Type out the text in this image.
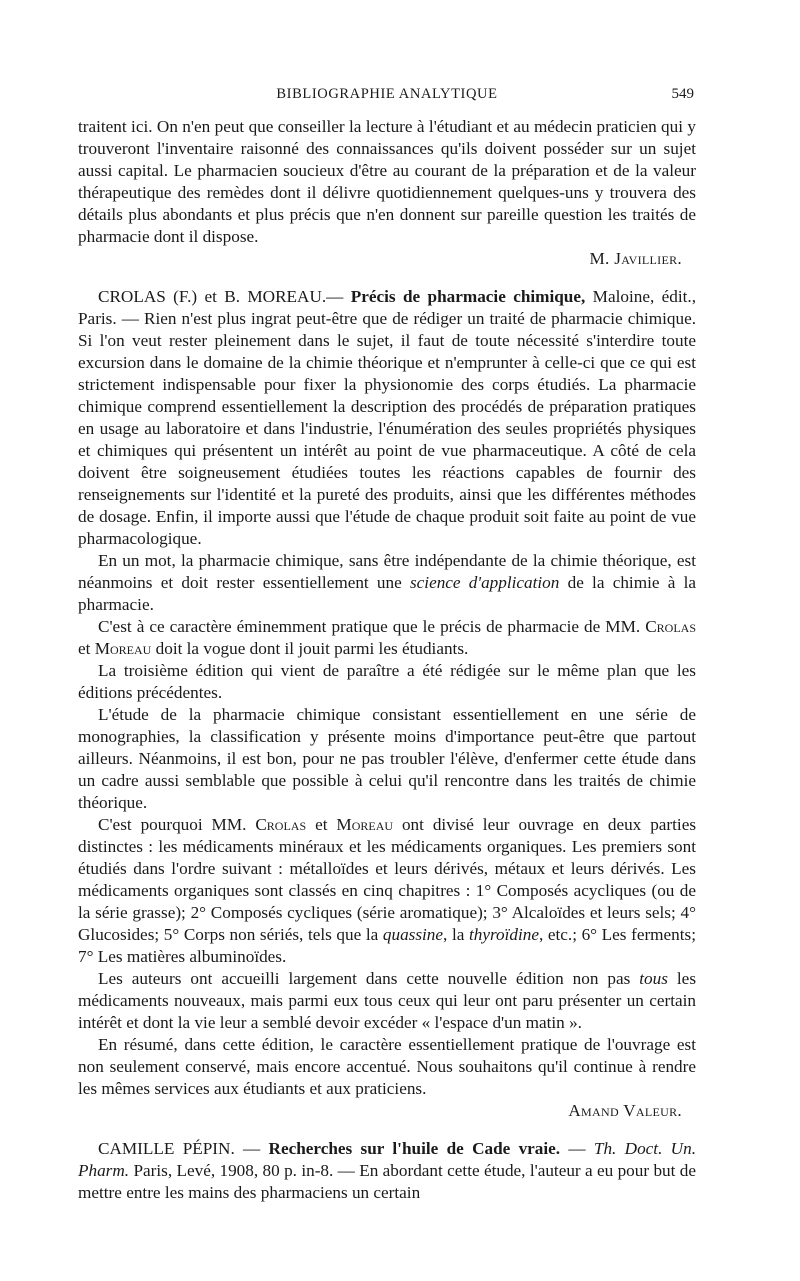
BIBLIOGRAPHIE ANALYTIQUE	549

traitent ici. On n'en peut que conseiller la lecture à l'étudiant et au médecin praticien qui y trouveront l'inventaire raisonné des connaissances qu'ils doivent posséder sur un sujet aussi capital. Le pharmacien soucieux d'être au courant de la préparation et de la valeur thérapeutique des remèdes dont il délivre quotidiennement quelques-uns y trouvera des détails plus abondants et plus précis que n'en donnent sur pareille question les traités de pharmacie dont il dispose.

M. Javillier.

CROLAS (F.) et B. MOREAU.— Précis de pharmacie chimique, Maloine, édit., Paris. — Rien n'est plus ingrat peut-être que de rédiger un traité de pharmacie chimique. Si l'on veut rester pleinement dans le sujet, il faut de toute nécessité s'interdire toute excursion dans le domaine de la chimie théorique et n'emprunter à celle-ci que ce qui est strictement indispensable pour fixer la physionomie des corps étudiés. La pharmacie chimique comprend essentiellement la description des procédés de préparation pratiques en usage au laboratoire et dans l'industrie, l'énumération des seules propriétés physiques et chimiques qui présentent un intérêt au point de vue pharmaceutique. A côté de cela doivent être soigneusement étudiées toutes les réactions capables de fournir des renseignements sur l'identité et la pureté des produits, ainsi que les différentes méthodes de dosage. Enfin, il importe aussi que l'étude de chaque produit soit faite au point de vue pharmacologique.

En un mot, la pharmacie chimique, sans être indépendante de la chimie théorique, est néanmoins et doit rester essentiellement une science d'application de la chimie à la pharmacie.

C'est à ce caractère éminemment pratique que le précis de pharmacie de MM. Crolas et Moreau doit la vogue dont il jouit parmi les étudiants.

La troisième édition qui vient de paraître a été rédigée sur le même plan que les éditions précédentes.

L'étude de la pharmacie chimique consistant essentiellement en une série de monographies, la classification y présente moins d'importance peut-être que partout ailleurs. Néanmoins, il est bon, pour ne pas troubler l'élève, d'enfermer cette étude dans un cadre aussi semblable que possible à celui qu'il rencontre dans les traités de chimie théorique.

C'est pourquoi MM. Crolas et Moreau ont divisé leur ouvrage en deux parties distinctes : les médicaments minéraux et les médicaments organiques. Les premiers sont étudiés dans l'ordre suivant : métalloïdes et leurs dérivés, métaux et leurs dérivés. Les médicaments organiques sont classés en cinq chapitres : 1° Composés acycliques (ou de la série grasse); 2° Composés cycliques (série aromatique); 3° Alcaloïdes et leurs sels; 4° Glucosides; 5° Corps non sériés, tels que la quassine, la thyroïdine, etc.; 6° Les ferments; 7° Les matières albuminoïdes.

Les auteurs ont accueilli largement dans cette nouvelle édition non pas tous les médicaments nouveaux, mais parmi eux tous ceux qui leur ont paru présenter un certain intérêt et dont la vie leur a semblé devoir excéder « l'espace d'un matin ».

En résumé, dans cette édition, le caractère essentiellement pratique de l'ouvrage est non seulement conservé, mais encore accentué. Nous souhaitons qu'il continue à rendre les mêmes services aux étudiants et aux praticiens.

Amand Valeur.

CAMILLE PÉPIN. — Recherches sur l'huile de Cade vraie. — Th. Doct. Un. Pharm. Paris, Levé, 1908, 80 p. in-8. — En abordant cette étude, l'auteur a eu pour but de mettre entre les mains des pharmaciens un certain
